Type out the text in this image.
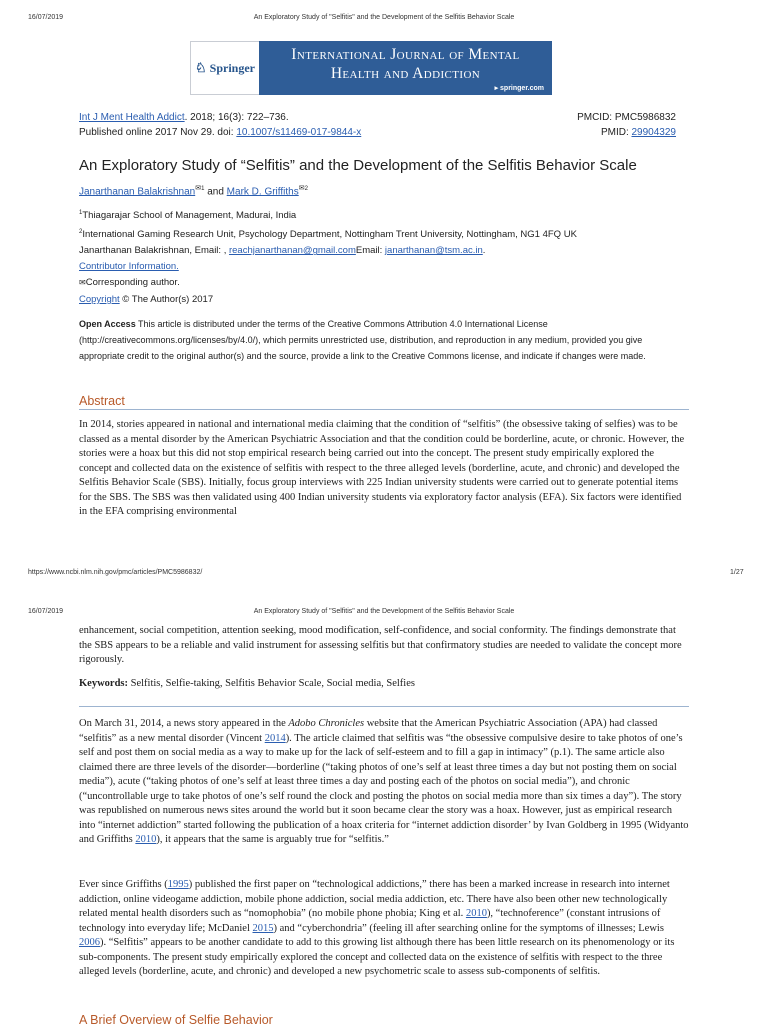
16/07/2019	An Exploratory Study of "Selfitis" and the Development of the Selfitis Behavior Scale
♘ Springer
International Journal of Mental
Health and Addiction
▸ springer.com
Int J Ment Health Addict. 2018; 16(3): 722–736.
Published online 2017 Nov 29. doi: 10.1007/s11469-017-9844-x
PMCID: PMC5986832
PMID: 29904329
An Exploratory Study of “Selfitis” and the Development of the Selfitis Behavior Scale
Janarthanan Balakrishnan$^{✉1}$ and Mark D. Griffiths$^{✉2}$
$^1$Thiagarajar School of Management, Madurai, India
$^2$International Gaming Research Unit, Psychology Department, Nottingham Trent University, Nottingham, NG1 4FQ UK
Janarthanan Balakrishnan, Email: , reachjanarthanan@gmail.comEmail: janarthanan@tsm.ac.in.
Contributor Information.
✉Corresponding author.
Copyright © The Author(s) 2017
Open Access This article is distributed under the terms of the Creative Commons Attribution 4.0 International License (http://creativecommons.org/licenses/by/4.0/), which permits unrestricted use, distribution, and reproduction in any medium, provided you give appropriate credit to the original author(s) and the source, provide a link to the Creative Commons license, and indicate if changes were made.
Abstract
In 2014, stories appeared in national and international media claiming that the condition of “selfitis” (the obsessive taking of selfies) was to be classed as a mental disorder by the American Psychiatric Association and that the condition could be borderline, acute, or chronic. However, the stories were a hoax but this did not stop empirical research being carried out into the concept. The present study empirically explored the concept and collected data on the existence of selfitis with respect to the three alleged levels (borderline, acute, and chronic) and developed the Selfitis Behavior Scale (SBS). Initially, focus group interviews with 225 Indian university students were carried out to generate potential items for the SBS. The SBS was then validated using 400 Indian university students via exploratory factor analysis (EFA). Six factors were identified in the EFA comprising environmental
https://www.ncbi.nlm.nih.gov/pmc/articles/PMC5986832/	1/27
16/07/2019	An Exploratory Study of "Selfitis" and the Development of the Selfitis Behavior Scale
enhancement, social competition, attention seeking, mood modification, self-confidence, and social conformity. The findings demonstrate that the SBS appears to be a reliable and valid instrument for assessing selfitis but that confirmatory studies are needed to validate the concept more rigorously.
Keywords: Selfitis, Selfie-taking, Selfitis Behavior Scale, Social media, Selfies
On March 31, 2014, a news story appeared in the Adobo Chronicles website that the American Psychiatric Association (APA) had classed “selfitis” as a new mental disorder (Vincent 2014). The article claimed that selfitis was “the obsessive compulsive desire to take photos of one’s self and post them on social media as a way to make up for the lack of self-esteem and to fill a gap in intimacy” (p.1). The same article also claimed there are three levels of the disorder—borderline (“taking photos of one’s self at least three times a day but not posting them on social media”), acute (“taking photos of one’s self at least three times a day and posting each of the photos on social media”), and chronic (“uncontrollable urge to take photos of one’s self round the clock and posting the photos on social media more than six times a day”). The story was republished on numerous news sites around the world but it soon became clear the story was a hoax. However, just as empirical research into “internet addiction” started following the publication of a hoax criteria for “internet addiction disorder’ by Ivan Goldberg in 1995 (Widyanto and Griffiths 2010), it appears that the same is arguably true for “selfitis.”
Ever since Griffiths (1995) published the first paper on “technological addictions,” there has been a marked increase in research into internet addiction, online videogame addiction, mobile phone addiction, social media addiction, etc. There have also been other new technologically related mental health disorders such as “nomophobia” (no mobile phone phobia; King et al. 2010), “technoference” (constant intrusions of technology into everyday life; McDaniel 2015) and “cyberchondria” (feeling ill after searching online for the symptoms of illnesses; Lewis 2006). “Selfitis” appears to be another candidate to add to this growing list although there has been little research on its phenomenology or its sub-components. The present study empirically explored the concept and collected data on the existence of selfitis with respect to the three alleged levels (borderline, acute, and chronic) and developed a new psychometric scale to assess sub-components of selfitis.
A Brief Overview of Selfie Behavior
